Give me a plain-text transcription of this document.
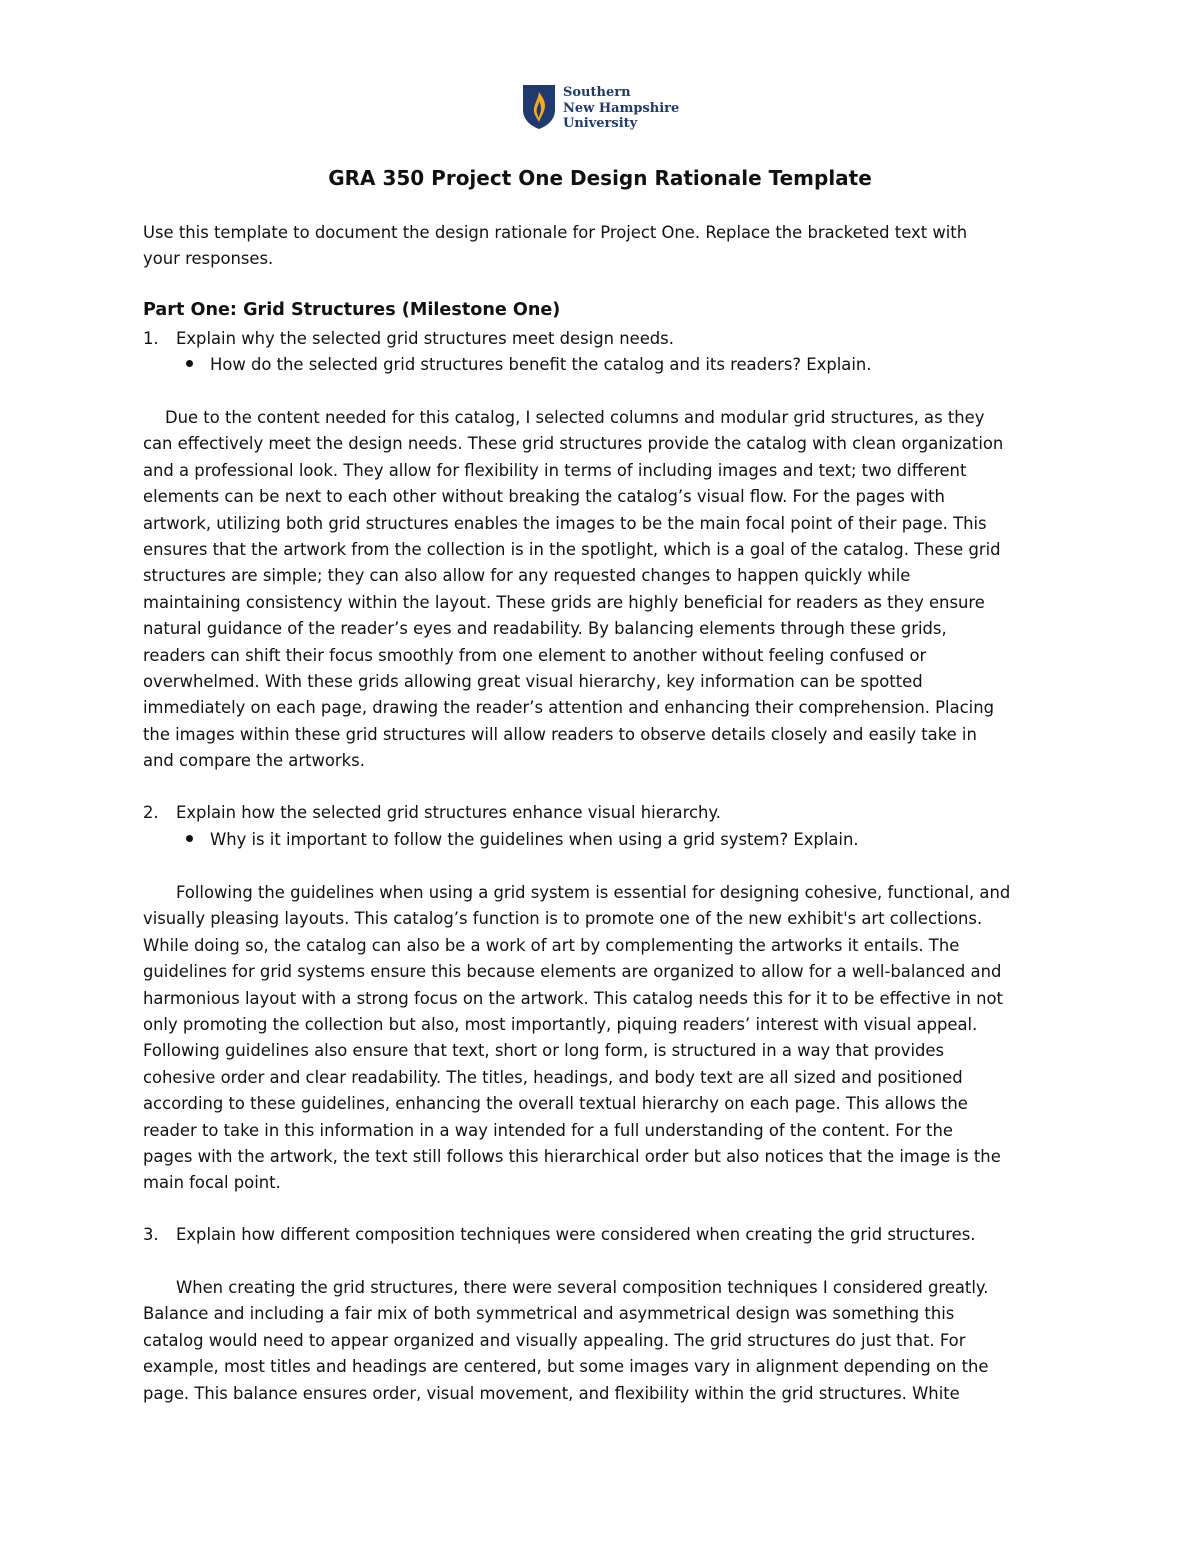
Southern
New Hampshire
University
GRA 350 Project One Design Rationale Template
Use this template to document the design rationale for Project One. Replace the bracketed text with
your responses.
Part One: Grid Structures (Milestone One)
1. Explain why the selected grid structures meet design needs.
How do the selected grid structures benefit the catalog and its readers? Explain.
Due to the content needed for this catalog, I selected columns and modular grid structures, as they
can effectively meet the design needs. These grid structures provide the catalog with clean organization
and a professional look. They allow for flexibility in terms of including images and text; two different
elements can be next to each other without breaking the catalog’s visual flow. For the pages with
artwork, utilizing both grid structures enables the images to be the main focal point of their page. This
ensures that the artwork from the collection is in the spotlight, which is a goal of the catalog. These grid
structures are simple; they can also allow for any requested changes to happen quickly while
maintaining consistency within the layout. These grids are highly beneficial for readers as they ensure
natural guidance of the reader’s eyes and readability. By balancing elements through these grids,
readers can shift their focus smoothly from one element to another without feeling confused or
overwhelmed. With these grids allowing great visual hierarchy, key information can be spotted
immediately on each page, drawing the reader’s attention and enhancing their comprehension. Placing
the images within these grid structures will allow readers to observe details closely and easily take in
and compare the artworks.
2. Explain how the selected grid structures enhance visual hierarchy.
Why is it important to follow the guidelines when using a grid system? Explain.
Following the guidelines when using a grid system is essential for designing cohesive, functional, and
visually pleasing layouts. This catalog’s function is to promote one of the new exhibit's art collections.
While doing so, the catalog can also be a work of art by complementing the artworks it entails. The
guidelines for grid systems ensure this because elements are organized to allow for a well-balanced and
harmonious layout with a strong focus on the artwork. This catalog needs this for it to be effective in not
only promoting the collection but also, most importantly, piquing readers’ interest with visual appeal.
Following guidelines also ensure that text, short or long form, is structured in a way that provides
cohesive order and clear readability. The titles, headings, and body text are all sized and positioned
according to these guidelines, enhancing the overall textual hierarchy on each page. This allows the
reader to take in this information in a way intended for a full understanding of the content. For the
pages with the artwork, the text still follows this hierarchical order but also notices that the image is the
main focal point.
3. Explain how different composition techniques were considered when creating the grid structures.
When creating the grid structures, there were several composition techniques I considered greatly.
Balance and including a fair mix of both symmetrical and asymmetrical design was something this
catalog would need to appear organized and visually appealing. The grid structures do just that. For
example, most titles and headings are centered, but some images vary in alignment depending on the
page. This balance ensures order, visual movement, and flexibility within the grid structures. White
